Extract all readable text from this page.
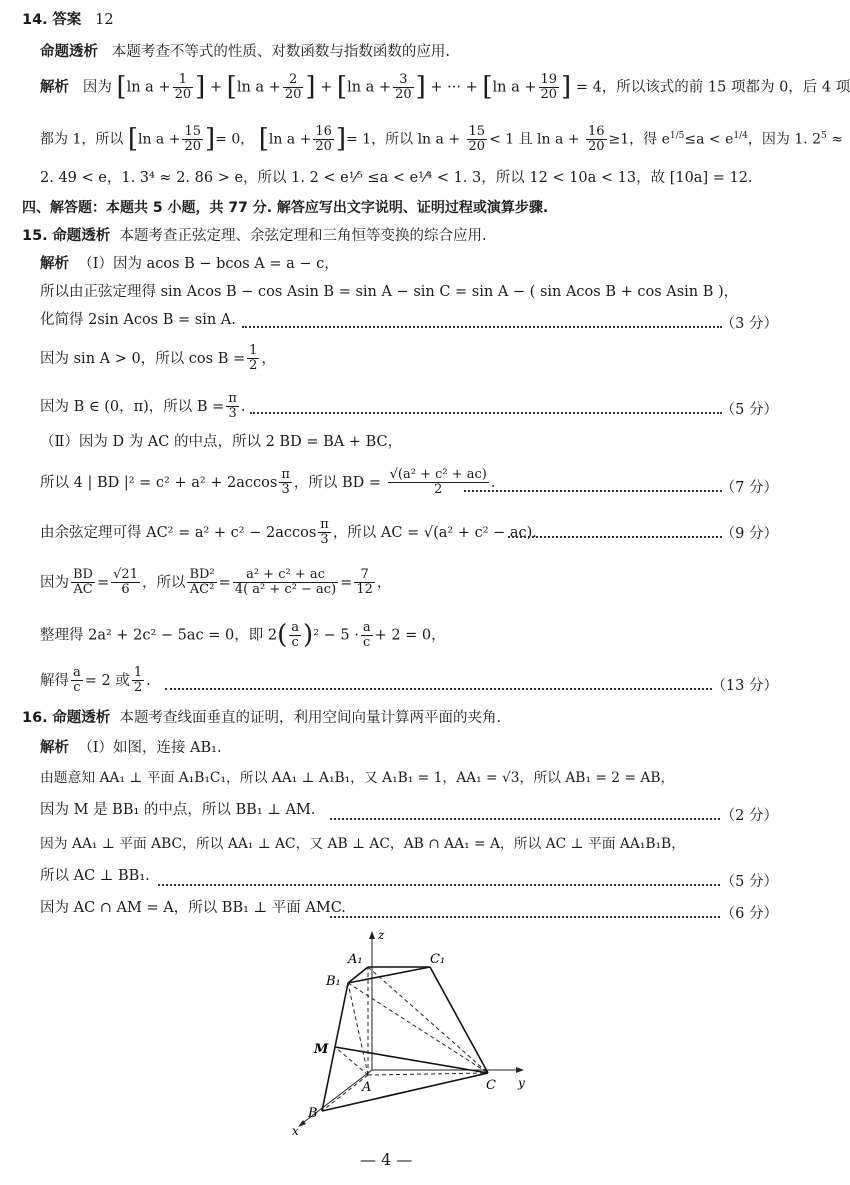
14. 答案 12
命题透析 本题考查不等式的性质、对数函数与指数函数的应用.
解析 因为 [ln $a + \frac{1}{20}$ ] + [ln $a + \frac{2}{20}$ ] + [ln $a + \frac{3}{20}$ ] + ··· + [ln $a + \frac{19}{20}$ ] = 4，所以该式的前 15 项都为 0，后 4 项
都为 1，所以 [ln $a + \frac{15}{20}$ ]= 0， [ln $a + \frac{16}{20}$ ]= 1，所以 $\ln a + \frac{15}{20} < 1$ 且 $\ln a + \frac{16}{20} \ge 1$，得 $e^{1/5}\le a < e^{1/4}$，因为 1. $2^5$ ≈
2. 49 < e，1. 3⁴ ≈ 2. 86 > e，所以 1. 2 < e¹⁄⁵ ≤a < e¹⁄⁴ < 1. 3，所以 12 < 10a < 13，故 [10a] = 12.
四、解答题：本题共 5 小题，共 77 分. 解答应写出文字说明、证明过程或演算步骤.
15. 命题透析 本题考查正弦定理、余弦定理和三角恒等变换的综合应用.
解析 （Ⅰ）因为 acos B − bcos A = a − c，
所以由正弦定理得 sin Acos B − cos Asin B = sin A − sin C = sin A − ( sin Acos B + cos Asin B )，
化简得 2sin Acos B = sin A.	（3 分）
因为 sin A > 0，所以 $\cos B = \frac{1}{2}$ ，
因为 B ∈ (0，π)，所以 $B = \frac{\pi}{3}$ .	（5 分）
（Ⅱ）因为 D 为 AC 的中点，所以 2 BD = BA + BC，
所以 4 | BD $|^2 = c^2 + a^2 + 2accos \frac{\pi}{3}$ ，所以 BD = $\frac{\text{√(a² + c² + ac)}}{2}$ .	（7 分）
由余弦定理可得 $AC^2 = a^2 + c^2 - 2accos \frac{\pi}{3}$ ，所以 AC = √(a² + c² − ac).	（9 分）
因为 $\frac{BD}{AC} = \frac{√21}{6}$ ，所以 $\frac{\text{BD²}}{\text{AC²}} = \frac{\text{a² + c² + ac}}{\text{4( a² + c² − ac)}} = \frac{7}{12}$ ，
整理得 2a² + 2c² − 5ac = 0，即 $2( \frac{a}{c} )^2 - 5 \cdot \frac{a}{c} + 2 = 0$，
解得 $\frac{a}{c} = 2$ 或 $\frac{1}{2}$ .	（13 分）
16. 命题透析 本题考查线面垂直的证明，利用空间向量计算两平面的夹角.
解析 （Ⅰ）如图，连接 AB₁.
由题意知 AA₁ ⊥ 平面 A₁B₁C₁，所以 AA₁ ⊥ A₁B₁，又 A₁B₁ = 1，AA₁ = √3，所以 AB₁ = 2 = AB，
因为 M 是 BB₁ 的中点，所以 BB₁ ⊥ AM.	（2 分）
因为 AA₁ ⊥ 平面 ABC，所以 AA₁ ⊥ AC，又 AB ⊥ AC，AB ∩ AA₁ = A，所以 AC ⊥ 平面 AA₁B₁B，
所以 AC ⊥ BB₁.	（5 分）
因为 AC ∩ AM = A，所以 BB₁ ⊥ 平面 AMC.	（6 分）
z
y
x
A₁	C₁
B₁
M
A	C
B
— 4 —
